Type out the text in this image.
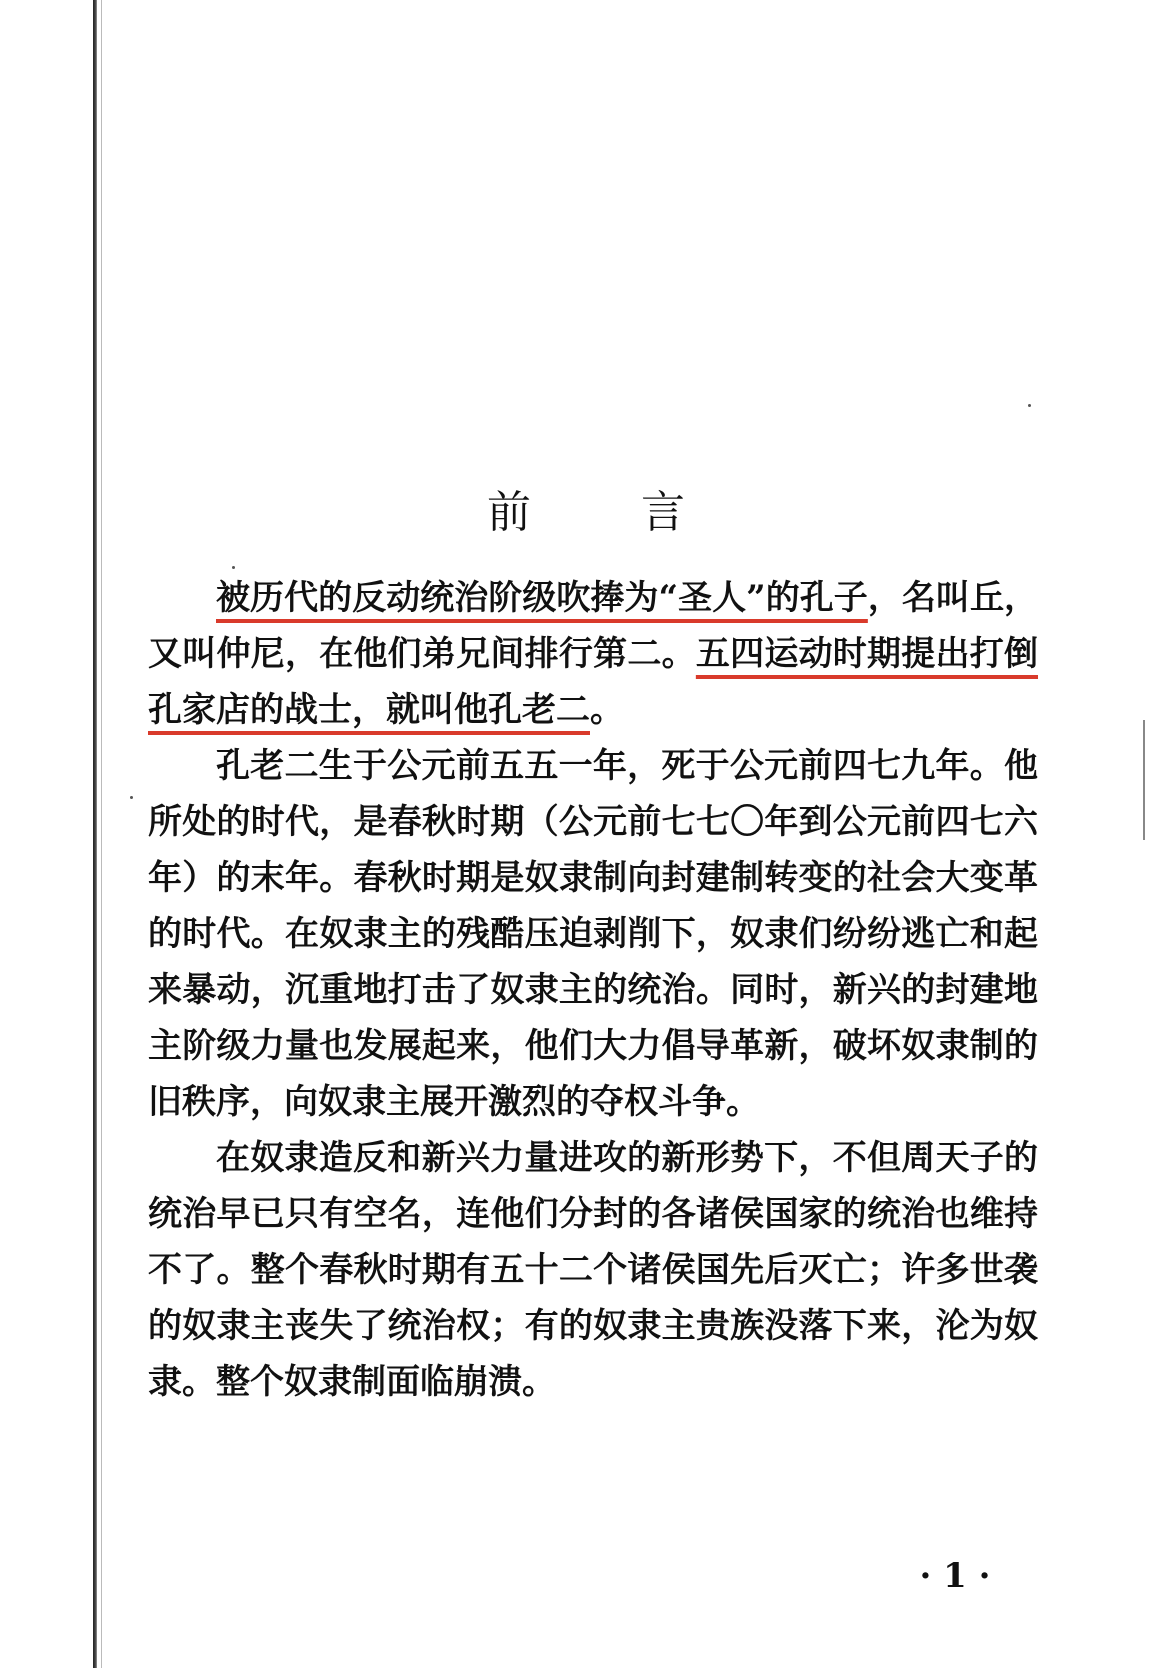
前	言

被历代的反动统治阶级吹捧为“圣人”的孔子，名叫丘，又叫仲尼，在他们弟兄间排行第二。五四运动时期提出打倒孔家店的战士，就叫他孔老二。

孔老二生于公元前五五一年，死于公元前四七九年。他所处的时代，是春秋时期（公元前七七〇年到公元前四七六年）的末年。春秋时期是奴隶制向封建制转变的社会大变革的时代。在奴隶主的残酷压迫剥削下，奴隶们纷纷逃亡和起来暴动，沉重地打击了奴隶主的统治。同时，新兴的封建地主阶级力量也发展起来，他们大力倡导革新，破坏奴隶制的旧秩序，向奴隶主展开激烈的夺权斗争。

在奴隶造反和新兴力量进攻的新形势下，不但周天子的统治早已只有空名，连他们分封的各诸侯国家的统治也维持不了。整个春秋时期有五十二个诸侯国先后灭亡；许多世袭的奴隶主丧失了统治权；有的奴隶主贵族没落下来，沦为奴隶。整个奴隶制面临崩溃。

· 1 ·
